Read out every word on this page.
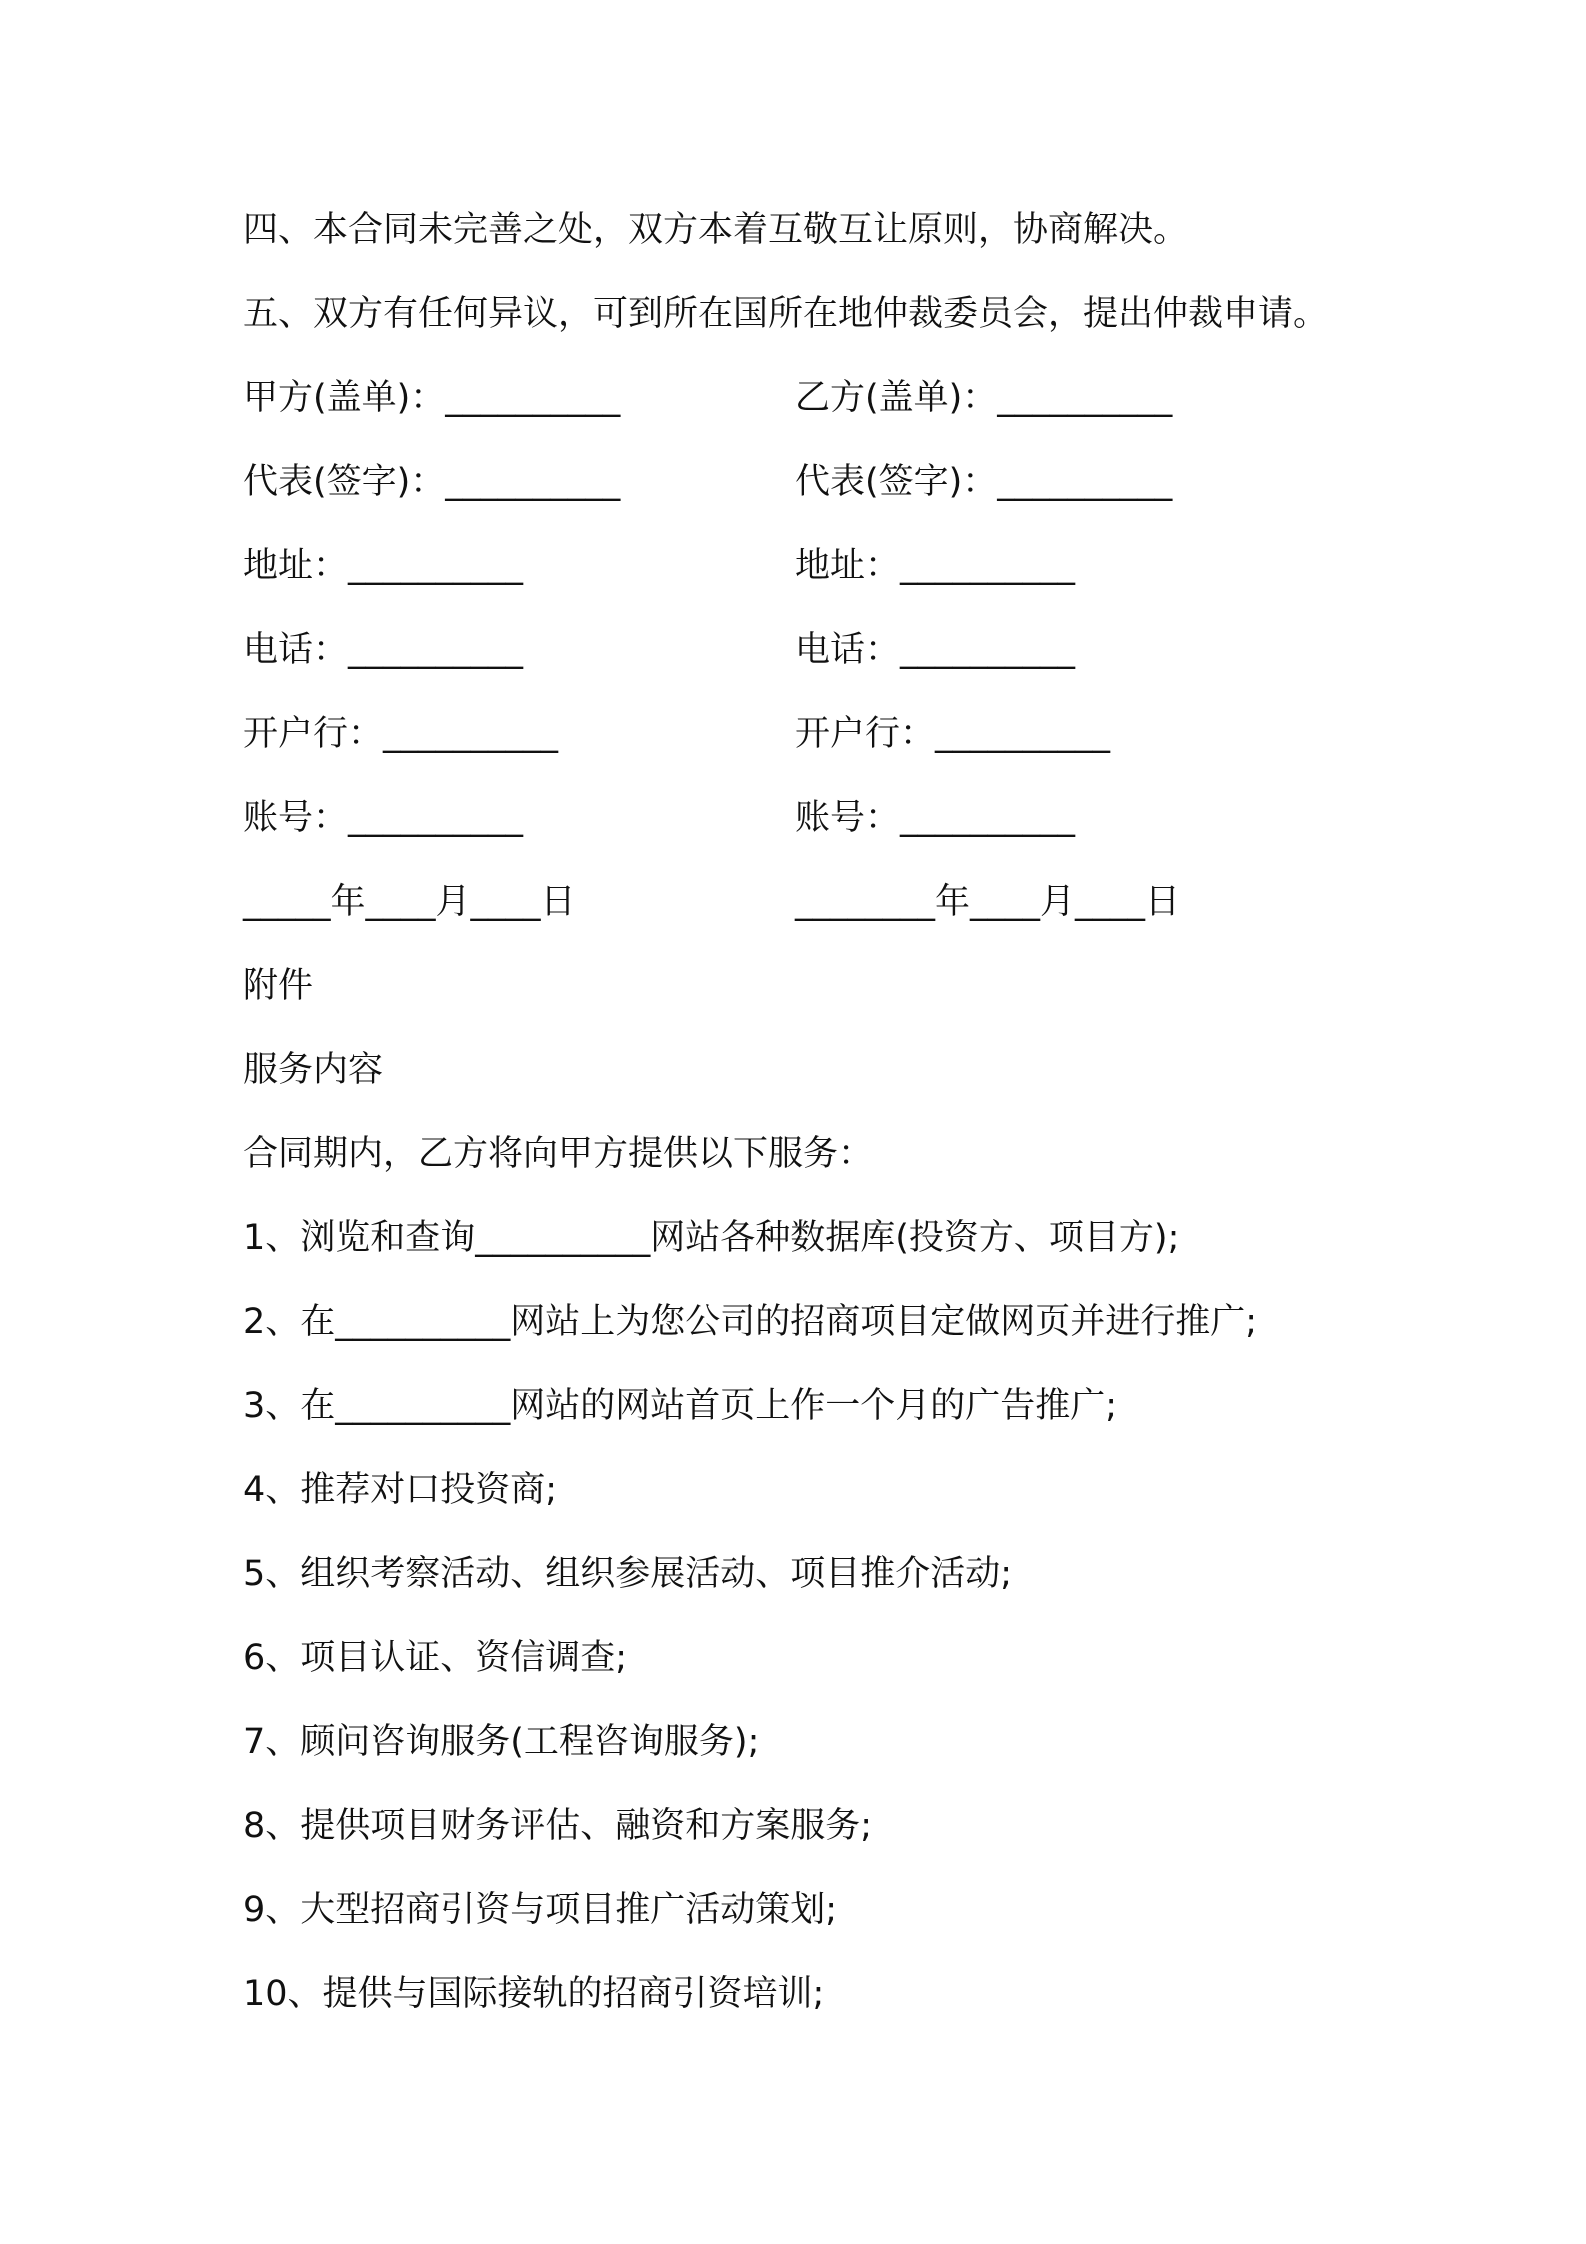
四、本合同未完善之处，双方本着互敬互让原则，协商解决。
五、双方有任何异议，可到所在国所在地仲裁委员会，提出仲裁申请。
甲方(盖单)：__________	乙方(盖单)：__________
代表(签字)：__________	代表(签字)：__________
地址：__________	地址：__________
电话：__________	电话：__________
开户行：__________	开户行：__________
账号：__________	账号：__________
_____年____月____日	________年____月____日
附件
服务内容
合同期内，乙方将向甲方提供以下服务：
1、浏览和查询__________网站各种数据库(投资方、项目方);
2、在__________网站上为您公司的招商项目定做网页并进行推广;
3、在__________网站的网站首页上作一个月的广告推广;
4、推荐对口投资商;
5、组织考察活动、组织参展活动、项目推介活动;
6、项目认证、资信调查;
7、顾问咨询服务(工程咨询服务);
8、提供项目财务评估、融资和方案服务;
9、大型招商引资与项目推广活动策划;
10、提供与国际接轨的招商引资培训;
